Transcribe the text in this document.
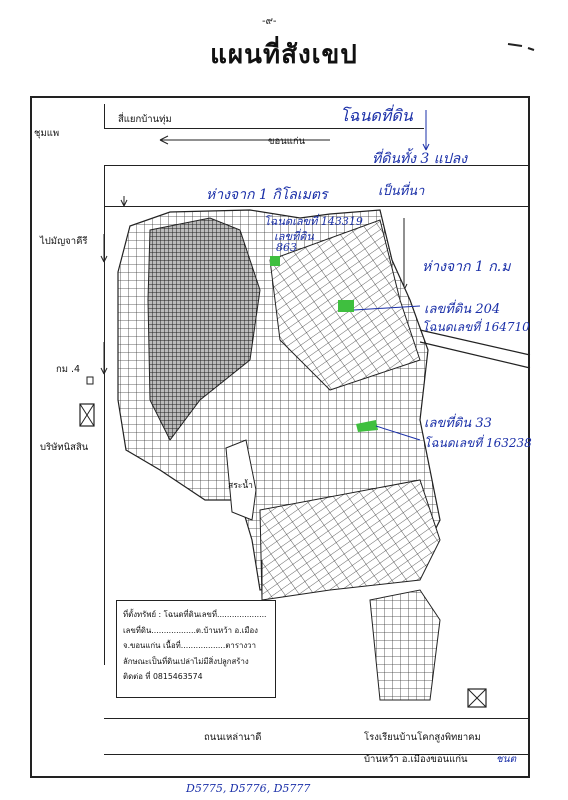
-๙-
แผนที่สังเขป
สี่แยกบ้านทุ่ม
ชุมแพ
ขอนแก่น
ไปมัญจาคีรี
กม .4
บริษัทนิสสิน
สระน้ำ
ถนนเหล่านาดี	โรงเรียนบ้านโคกสูงพิทยาคม
บ้านหว้า อ.เมืองขอนแก่น
โฉนดที่ดิน
ที่ดินทั้ง 3 แปลง
เป็นที่นา
ห่างจาก 1 กิโลเมตร
ห่างจาก 1 ก.ม
โฉนดเลขที่ 143319
เลขที่ดิน
863
เลขที่ดิน 204
โฉนดเลขที่ 164710
เลขที่ดิน 33
โฉนดเลขที่ 163238
ชนต
ที่ตั้งทรัพย์ : โฉนดที่ดินเลขที่....................
เลขที่ดิน..................ต.บ้านหว้า อ.เมือง
จ.ขอนแก่น เนื้อที่..................ตารางวา
ลักษณะเป็นที่ดินเปล่าไม่มีสิ่งปลูกสร้าง
ติดต่อ ที่ 0815463574
D5775, D5776, D5777
